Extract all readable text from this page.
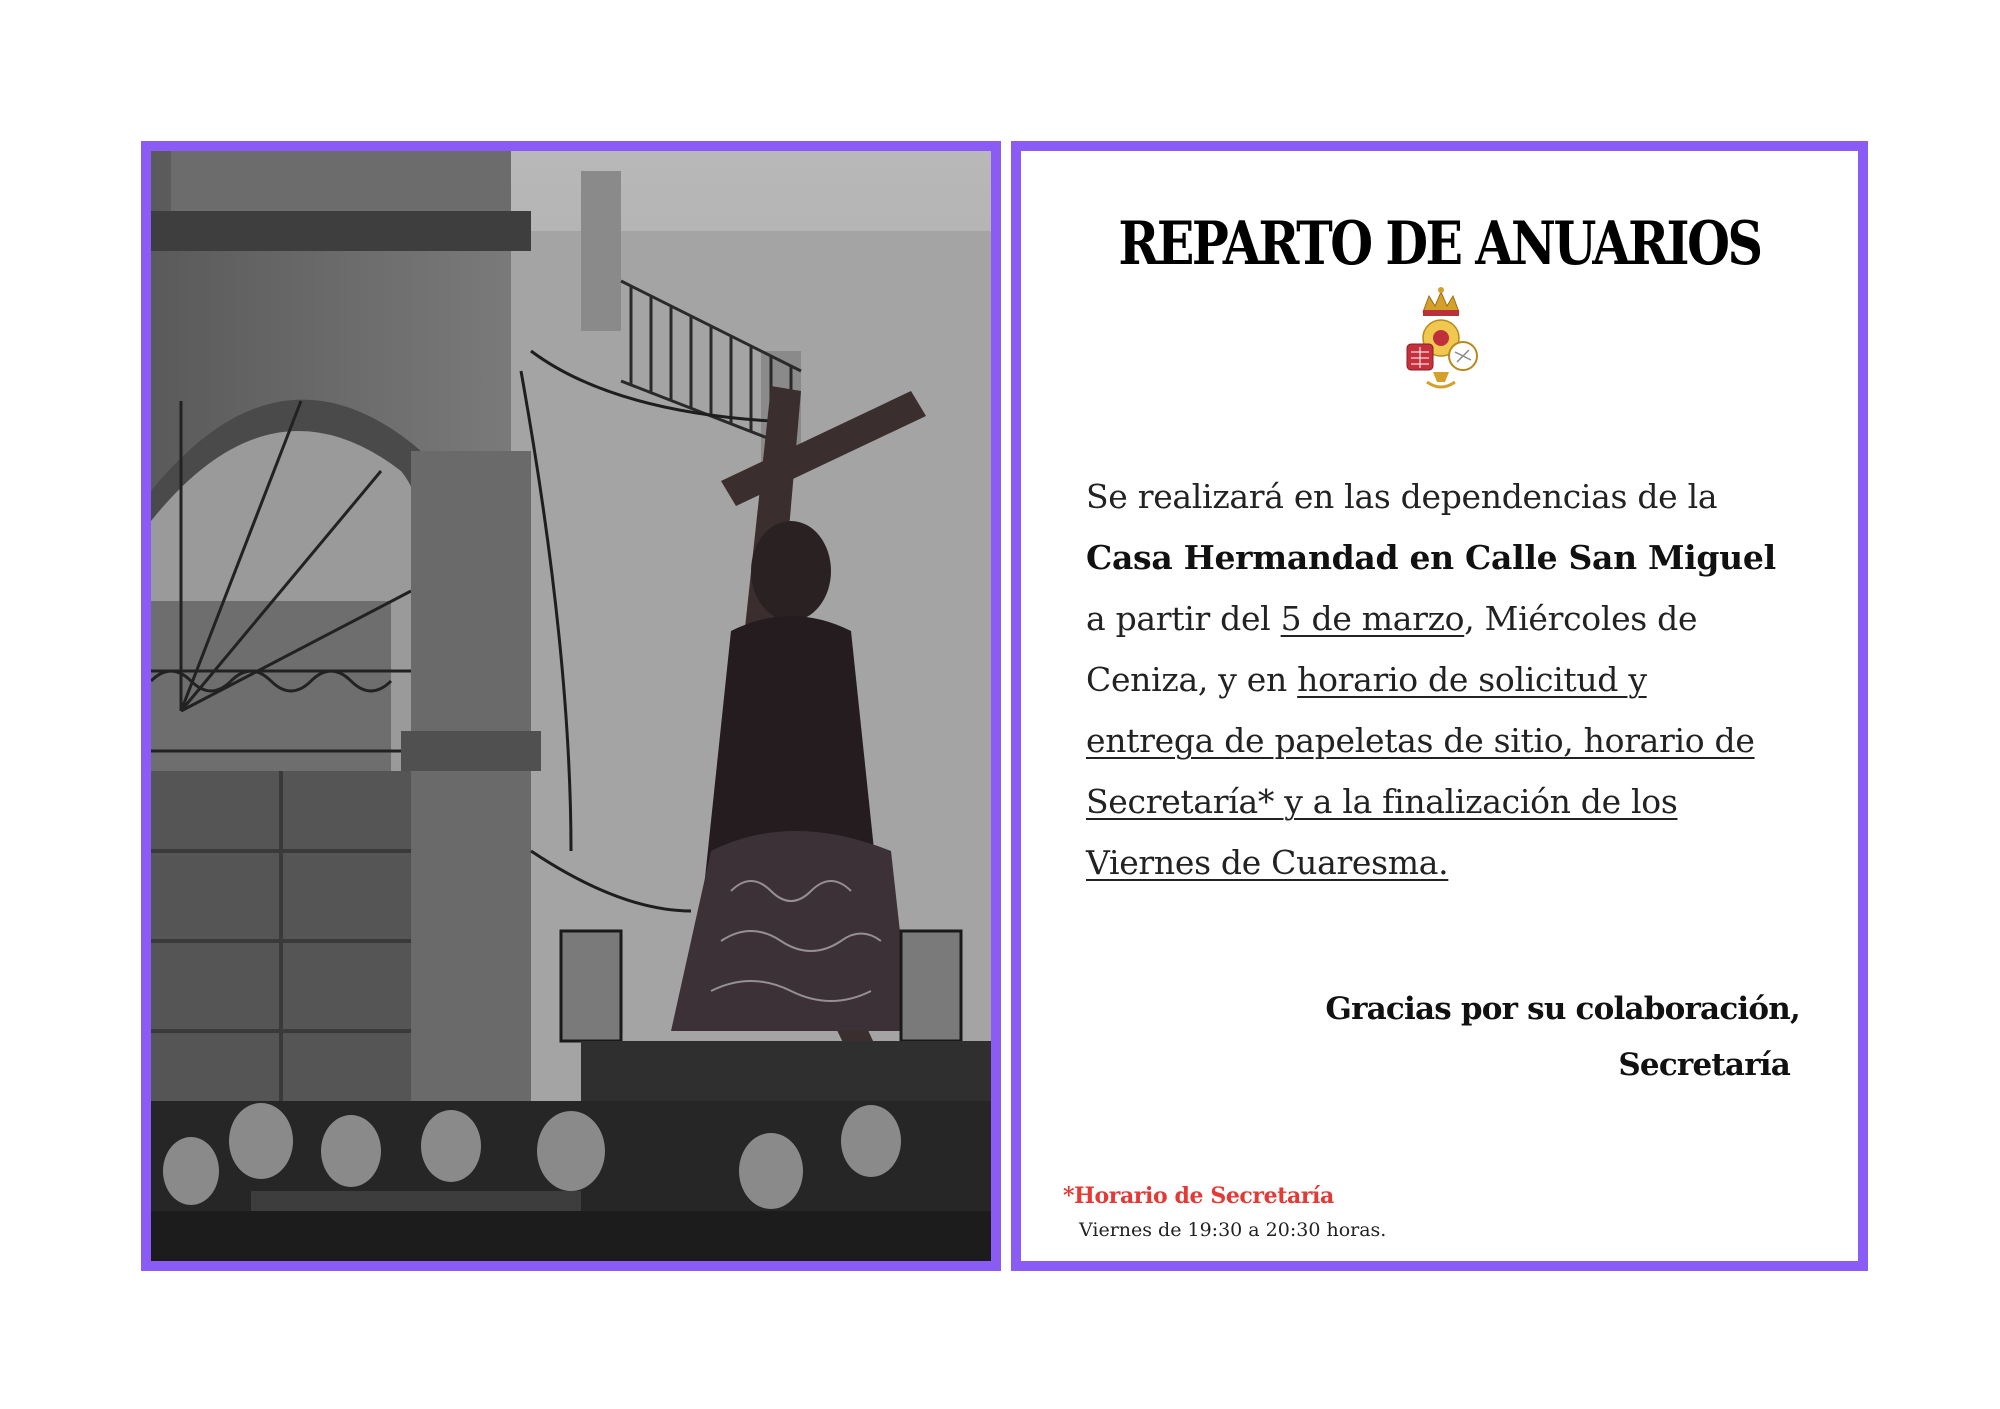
REPARTO DE ANUARIOS
Se realizará en las dependencias de la
Casa Hermandad en Calle San Miguel
a partir del 5 de marzo, Miércoles de
Ceniza, y en horario de solicitud y
entrega de papeletas de sitio, horario de
Secretaría* y a la finalización de los
Viernes de Cuaresma.
Gracias por su colaboración,
Secretaría
*Horario de Secretaría
Viernes de 19:30 a 20:30 horas.
